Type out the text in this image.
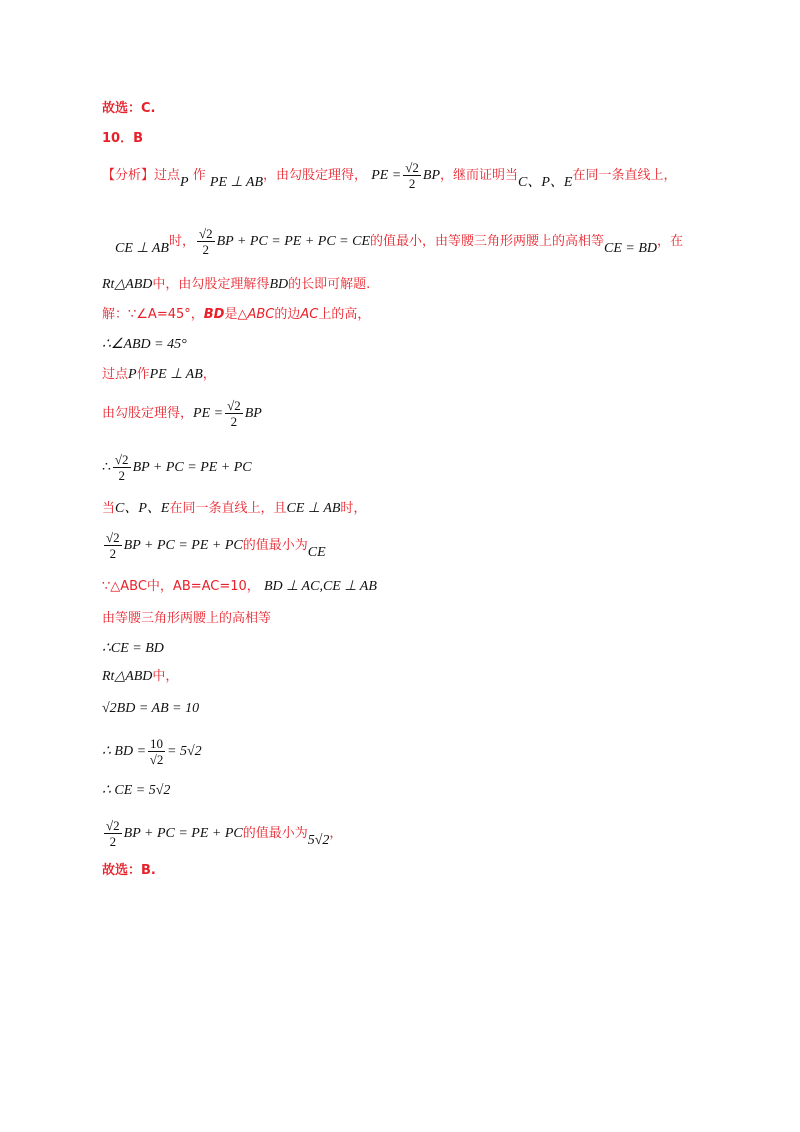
故选：C.
10．B
【分析】过点P 作 PE ⊥ AB，由勾股定理得， PE = $\frac{√2}{2}$ BP，继而证明当C、P、E在同一条直线上，
CE ⊥ AB时， $\frac{√2}{2}$ BP + PC = PE + PC = CE的值最小，由等腰三角形两腰上的高相等CE = BD，在
Rt△ABD中，由勾股定理解得BD的长即可解题.
解：∵∠A=45°，BD是△ABC的边AC上的高，
∴∠ABD = 45°
过点P作PE ⊥ AB，
由勾股定理得，PE = $\frac{√2}{2}$ BP
∴ $\frac{√2}{2}$ BP + PC = PE + PC
当C、P、E在同一条直线上，且CE ⊥ AB时，
$\frac{√2}{2}$ BP + PC = PE + PC的值最小为CE
∵△ABC中，AB=AC=10， BD ⊥ AC,CE ⊥ AB
由等腰三角形两腰上的高相等
∴CE = BD
Rt△ABD中，
√2BD = AB = 10
∴ BD = $\frac{10}{√2} = 5√2$
∴ CE = 5√2
$\frac{√2}{2}$ BP + PC = PE + PC的值最小为5√2，
故选：B.
